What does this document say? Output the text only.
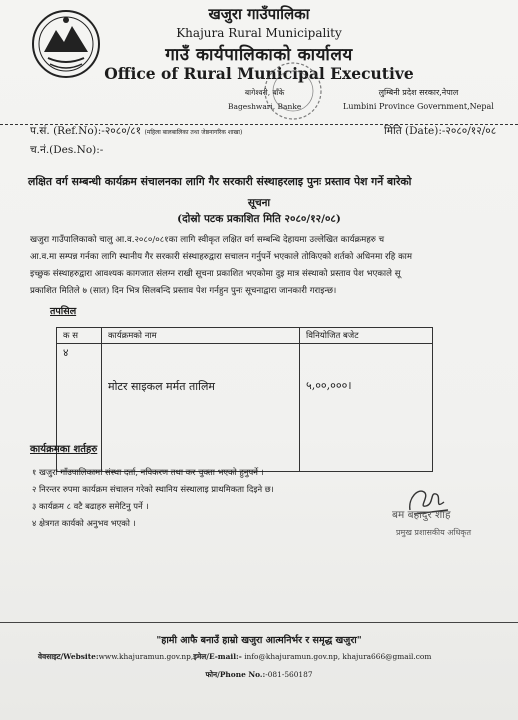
खजुरा गाउँपालिका
Khajura Rural Municipality
गाउँ कार्यपालिकाको कार्यालय
Office of Rural Municipal Executive
बागेश्वरी, बाँके
Bageshwari, Banke
लुम्बिनी प्रदेश सरकार,नेपाल
Lumbini Province Government,Nepal
प.सं. (Ref.No):-२०८०/८१ (महिला बालबालिका तथा जेष्ठनागरिक शाखा)	मिति (Date):-२०८०/१२/०८
च.नं.(Des.No):-
लक्षित वर्ग सम्बन्धी कार्यक्रम संचालनका लागि गैर सरकारी संस्थाहरलाइ पुनः प्रस्ताव पेश गर्ने बारेको
सूचना
(दोस्रो पटक प्रकाशित मिति २०८०/१२/०८)
खजुरा गाउँपालिकाको चालु आ.व.२०८०/०८१का लागि स्वीकृत लक्षित वर्ग सम्बन्धि देहायमा उल्लेखित कार्यक्रमहरु च
आ.व.मा सम्पन्न गर्नका लागि स्थानीय गैर सरकारी संस्थाहरुद्वारा सचालन गर्नुपर्ने भएकाले तोकिएको शर्तको अधिनमा रहि काम
इच्छुक संस्थाहरुद्वारा आवश्यक कागजात संलग्न राखी सूचना प्रकाशित भएकोमा दुइ मात्र संस्थाको प्रस्ताव पेश भएकाले सू
प्रकाशित मितिले ७ (सात) दिन भित्र सिलबन्दि प्रस्ताव पेश गर्नहुन पुनः सूचनाद्वारा जानकारी गराइन्छ।
तपसिल
क स	कार्यक्रमको नाम	विनियोजित बजेट
४	मोटर साइकल मर्मत तालिम	५,००,०००।
कार्यक्रमका शर्तहरु
१ खजुरा गाँउपालिकामा संस्था दर्ता, नविकरण तथा कर चुक्ता भएको हुनुपर्ने ।
२ निरन्तर रुपमा कार्यक्रम संचालन गरेको स्थानिय संस्थालाइ प्राथमिकता दिइने छ।
३ कार्यक्रम ८ वटै बढाहरु समेटिनु पर्ने ।
४ क्षेत्रगत कार्यको अनुभव भएको ।
बम बहादुर शाह
प्रमुख प्रशासकीय अधिकृत
"हामी आफै बनाउँ हाम्रो खजुरा आत्मनिर्भर र समृद्ध खजुरा"
वेवसाइट/Website:www.khajuramun.gov.np,इमेल/E-mail:- info@khajuramun.gov.np, khajura666@gmail.com
फोन/Phone No.:-081-560187
